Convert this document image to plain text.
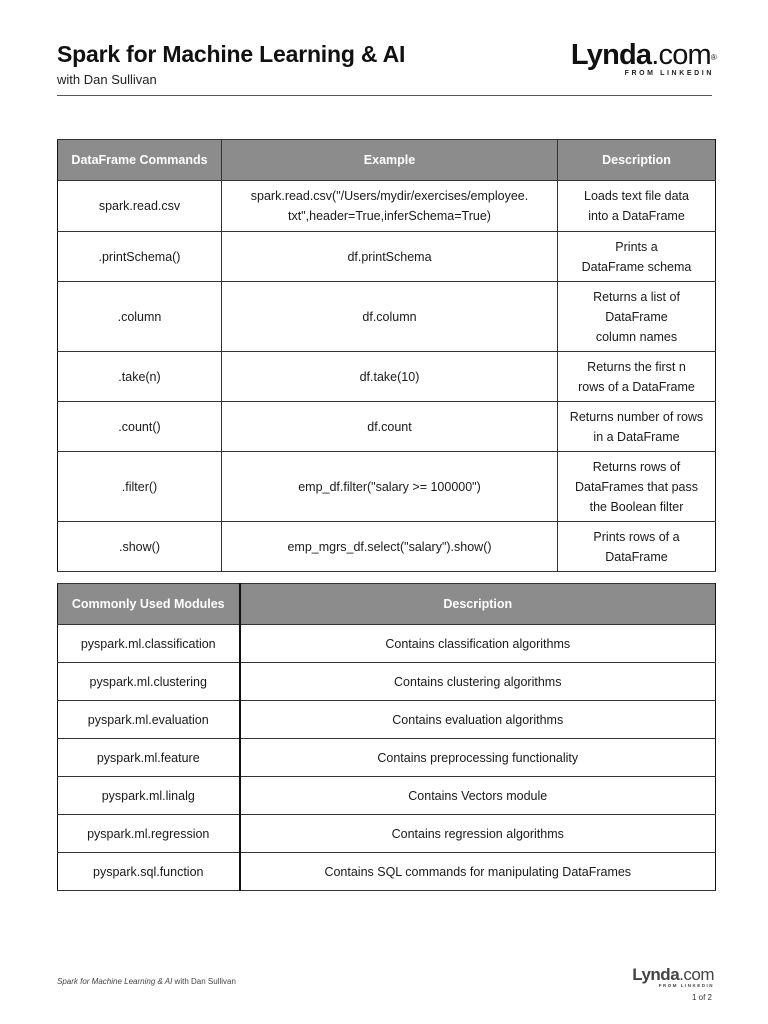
Spark for Machine Learning & AI
with Dan Sullivan
Lynda.com®
FROM LINKEDIN
DataFrame Commands	Example	Description
spark.read.csv	spark.read.csv("/Users/mydir/exercises/employee.
txt",header=True,inferSchema=True)	Loads text file data
into a DataFrame
.printSchema()	df.printSchema	Prints a
DataFrame schema
.column	df.column	Returns a list of
DataFrame
column names
.take(n)	df.take(10)	Returns the first n
rows of a DataFrame
.count()	df.count	Returns number of rows
in a DataFrame
.filter()	emp_df.filter("salary >= 100000")	Returns rows of
DataFrames that pass
the Boolean filter
.show()	emp_mgrs_df.select("salary").show()	Prints rows of a
DataFrame
Commonly Used Modules	Description
pyspark.ml.classification	Contains classification algorithms
pyspark.ml.clustering	Contains clustering algorithms
pyspark.ml.evaluation	Contains evaluation algorithms
pyspark.ml.feature	Contains preprocessing functionality
pyspark.ml.linalg	Contains Vectors module
pyspark.ml.regression	Contains regression algorithms
pyspark.sql.function	Contains SQL commands for manipulating DataFrames
Spark for Machine Learning & AI with Dan Sullivan	Lynda.com
FROM LINKEDIN
1 of 2
